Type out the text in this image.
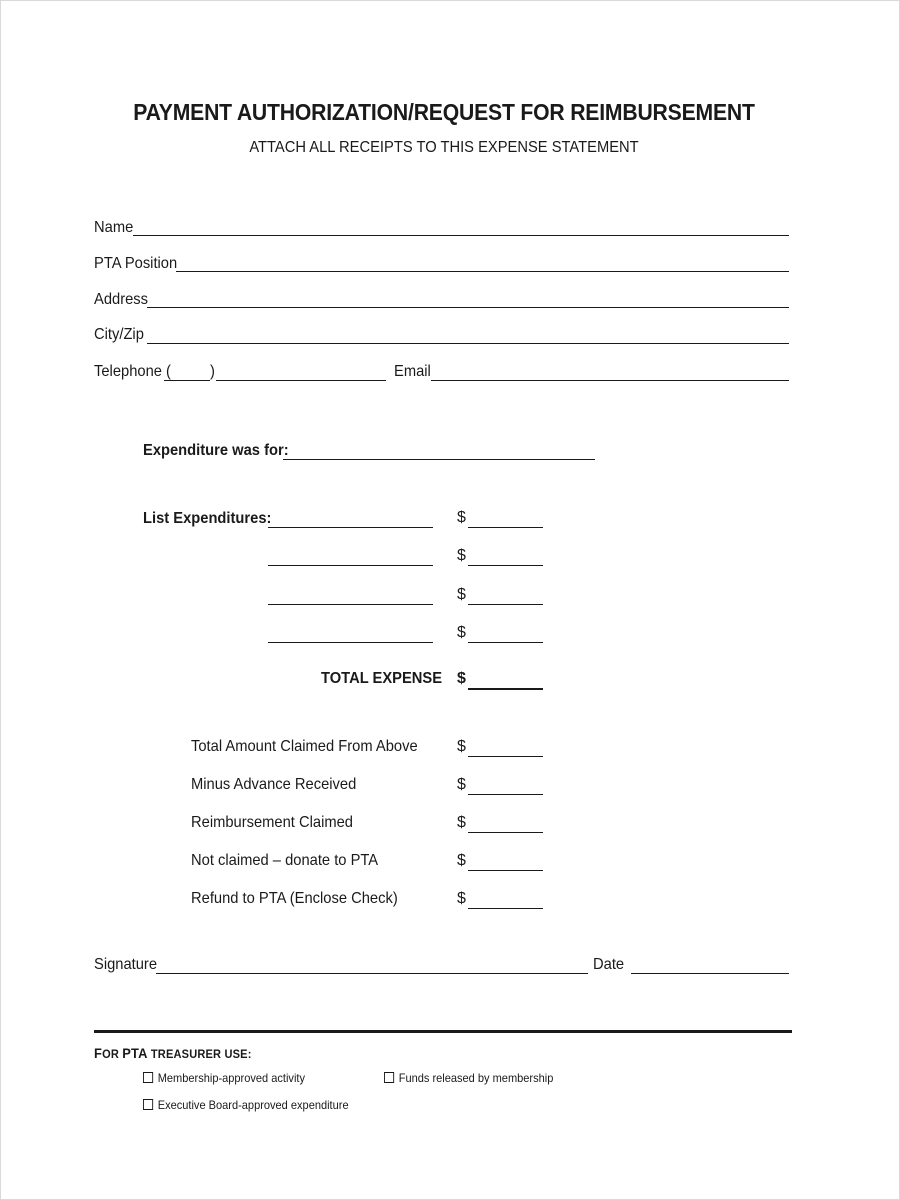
PAYMENT AUTHORIZATION/REQUEST FOR REIMBURSEMENT
ATTACH ALL RECEIPTS TO THIS EXPENSE STATEMENT
Name
PTA Position
Address
City/Zip
Telephone ( )	Email
Expenditure was for:
List Expenditures:	$
$
$
$
TOTAL EXPENSE $
Total Amount Claimed From Above $
Minus Advance Received	$
Reimbursement Claimed	$
Not claimed – donate to PTA	$
Refund to PTA (Enclose Check)	$
Signature	Date
FOR PTA TREASURER USE:
Membership-approved activity	Funds released by membership
Executive Board-approved expenditure
